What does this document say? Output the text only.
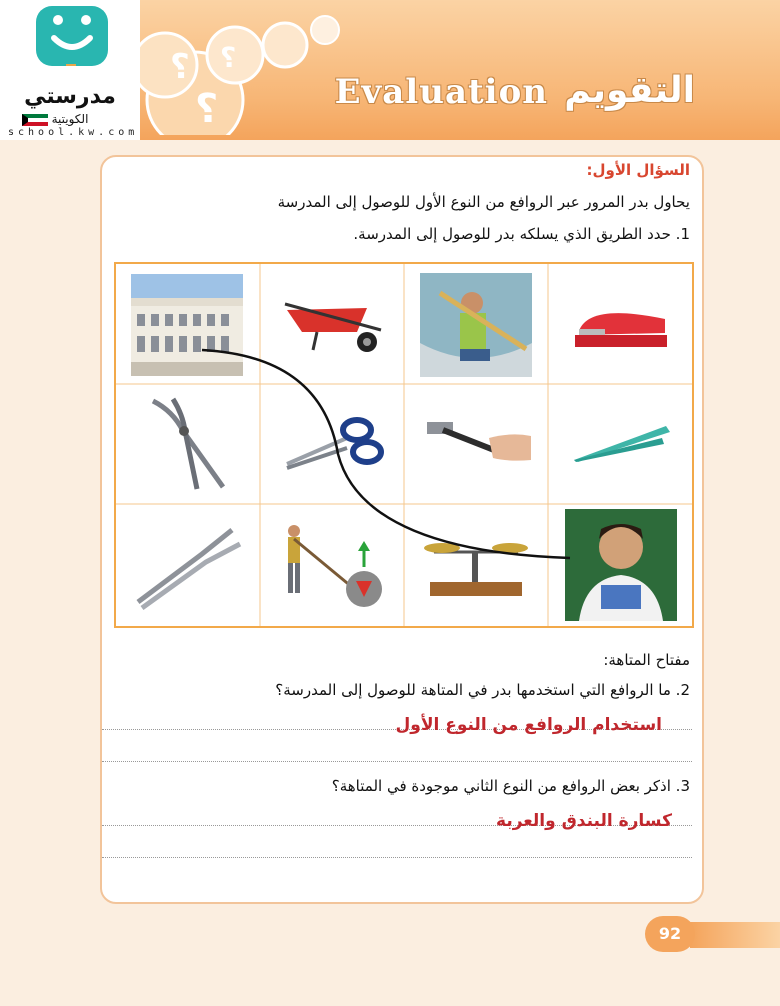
؟ ؟
؟	Evaluation التقويم
مدرستي
الكويتية
school.kw.com
السؤال الأول:
يحاول بدر المرور عبر الروافع من النوع الأول للوصول إلى المدرسة
1. حدد الطريق الذي يسلكه بدر للوصول إلى المدرسة.
مفتاح المتاهة:
2. ما الروافع التي استخدمها بدر في المتاهة للوصول إلى المدرسة؟
استخدام الروافع من النوع الأول
3. اذكر بعض الروافع من النوع الثاني موجودة في المتاهة؟
كسارة البندق والعربة
92
